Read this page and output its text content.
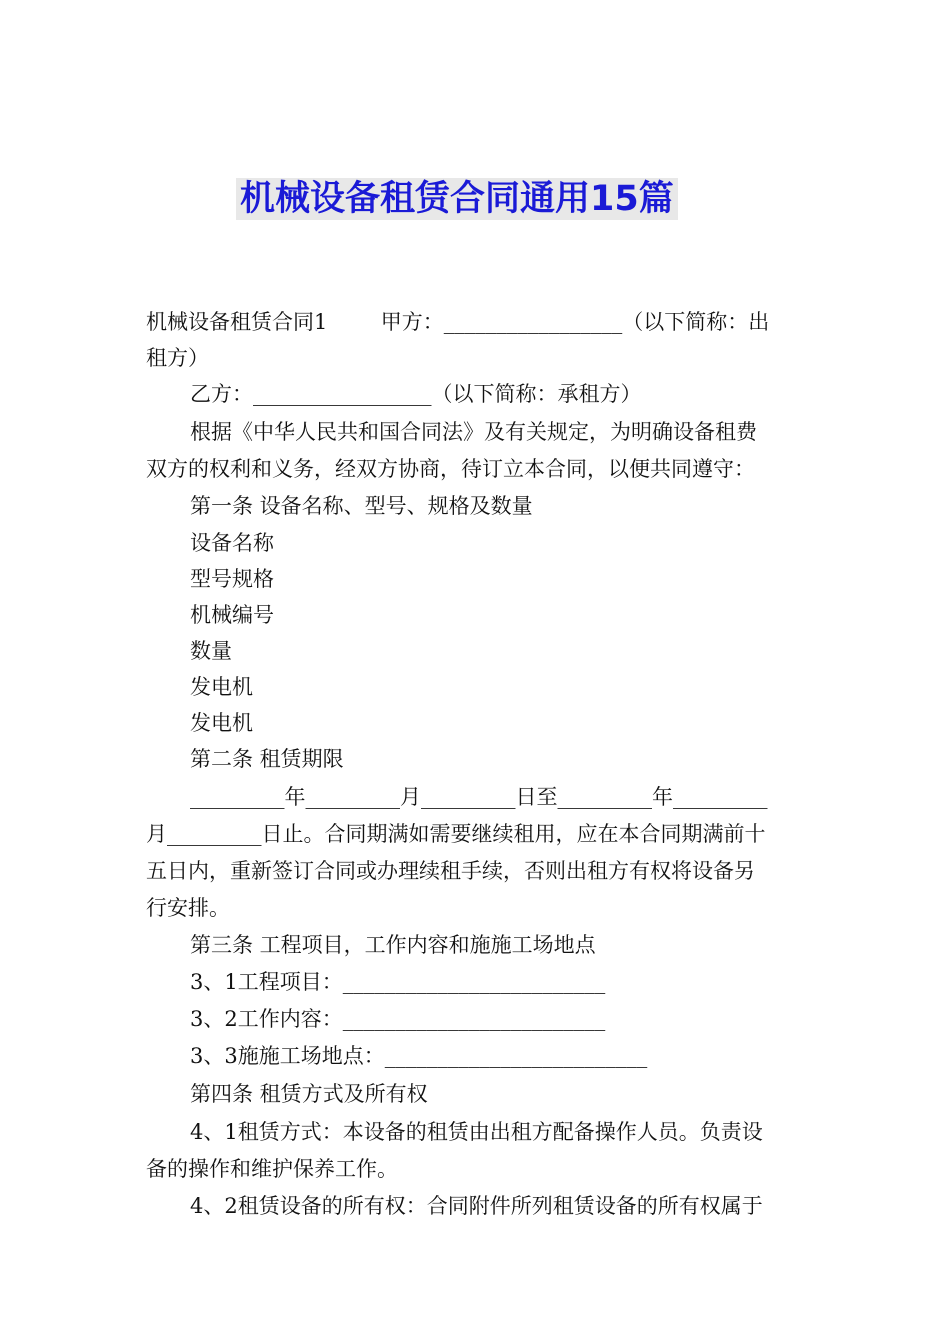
机械设备租赁合同通用15篇
机械设备租赁合同1        甲方：_________________（以下简称：出
租方）
乙方：_________________（以下简称：承租方）
根据《中华人民共和国合同法》及有关规定，为明确设备租费
双方的权利和义务，经双方协商，待订立本合同，以便共同遵守：
第一条 设备名称、型号、规格及数量
设备名称
型号规格
机械编号
数量
发电机
发电机
第二条 租赁期限
_________年_________月_________日至_________年_________
月_________日止。合同期满如需要继续租用，应在本合同期满前十
五日内，重新签订合同或办理续租手续，否则出租方有权将设备另
行安排。
第三条 工程项目，工作内容和施施工场地点
3、1工程项目：_________________________
3、2工作内容：_________________________
3、3施施工场地点：_________________________
第四条 租赁方式及所有权
4、1租赁方式：本设备的租赁由出租方配备操作人员。负责设
备的操作和维护保养工作。
4、2租赁设备的所有权：合同附件所列租赁设备的所有权属于
